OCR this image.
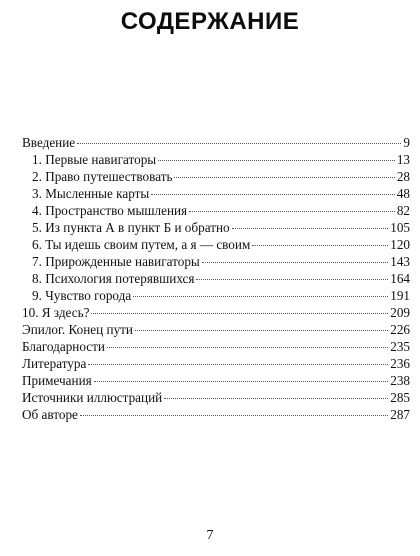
СОДЕРЖАНИЕ
Введение	9
1. Первые навигаторы	13
2. Право путешествовать	28
3. Мысленные карты	48
4. Пространство мышления	82
5. Из пункта А в пункт Б и обратно	105
6. Ты идешь своим путем, а я — своим	120
7. Прирожденные навигаторы	143
8. Психология потерявшихся	164
9. Чувство города	191
10. Я здесь?	209
Эпилог. Конец пути	226
Благодарности	235
Литература	236
Примечания	238
Источники иллюстраций	285
Об авторе	287
7
